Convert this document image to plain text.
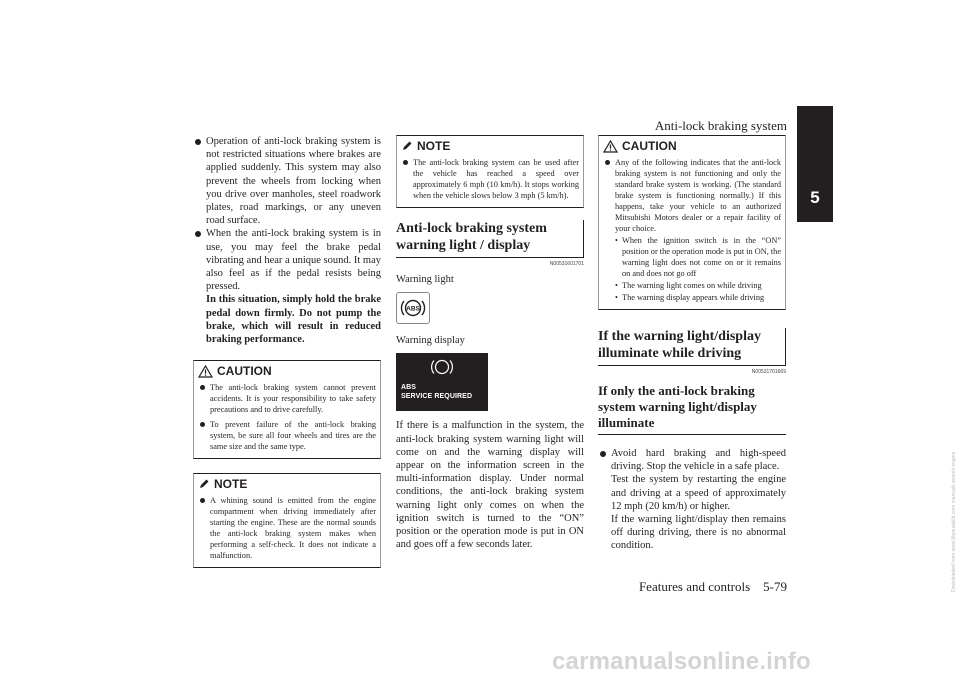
Anti-lock braking system
5
Operation of anti-lock braking system is not restricted situations where brakes are applied suddenly. This system may also prevent the wheels from locking when you drive over manholes, steel roadwork plates, road markings, or any uneven road surface.
When the anti-lock braking system is in use, you may feel the brake pedal vibrating and hear a unique sound. It may also feel as if the pedal resists being pressed.
In this situation, simply hold the brake pedal down firmly. Do not pump the brake, which will result in reduced braking performance.
CAUTION
The anti-lock braking system cannot prevent accidents. It is your responsibility to take safety precautions and to drive carefully.
To prevent failure of the anti-lock braking system, be sure all four wheels and tires are the same size and the same type.
NOTE
A whining sound is emitted from the engine compartment when driving immediately after starting the engine. These are the normal sounds the anti-lock braking system makes when performing a self-check. It does not indicate a malfunction.
NOTE
The anti-lock braking system can be used after the vehicle has reached a speed over approximately 6 mph (10 km/h). It stops working when the vehicle slows below 3 mph (5 km/h).
Anti-lock braking system warning light / display
N00531601701
Warning light
ABS
Warning display
ABS
SERVICE REQUIRED
If there is a malfunction in the system, the anti-lock braking system warning light will come on and the warning display will appear on the information screen in the multi-information display. Under normal conditions, the anti-lock braking system warning light only comes on when the ignition switch is turned to the “ON” position or the operation mode is put in ON and goes off a few seconds later.
CAUTION
Any of the following indicates that the anti-lock braking system is not functioning and only the standard brake system is working. (The standard brake system is functioning normally.) If this happens, take your vehicle to an authorized Mitsubishi Motors dealer or a repair facility of your choice.
• When the ignition switch is in the “ON” position or the operation mode is put in ON, the warning light does not come on or it remains on and does not go off
• The warning light comes on while driving
• The warning display appears while driving
If the warning light/display illuminate while driving
N00531701669
If only the anti-lock braking system warning light/display illuminate
Avoid hard braking and high-speed driving. Stop the vehicle in a safe place.
Test the system by restarting the engine and driving at a speed of approximately 12 mph (20 km/h) or higher.
If the warning light/display then remains off during driving, there is no abnormal condition.
Features and controls 5-79
carmanualsonline.info
Downloaded from www.Manualslib.com manuals search engine
